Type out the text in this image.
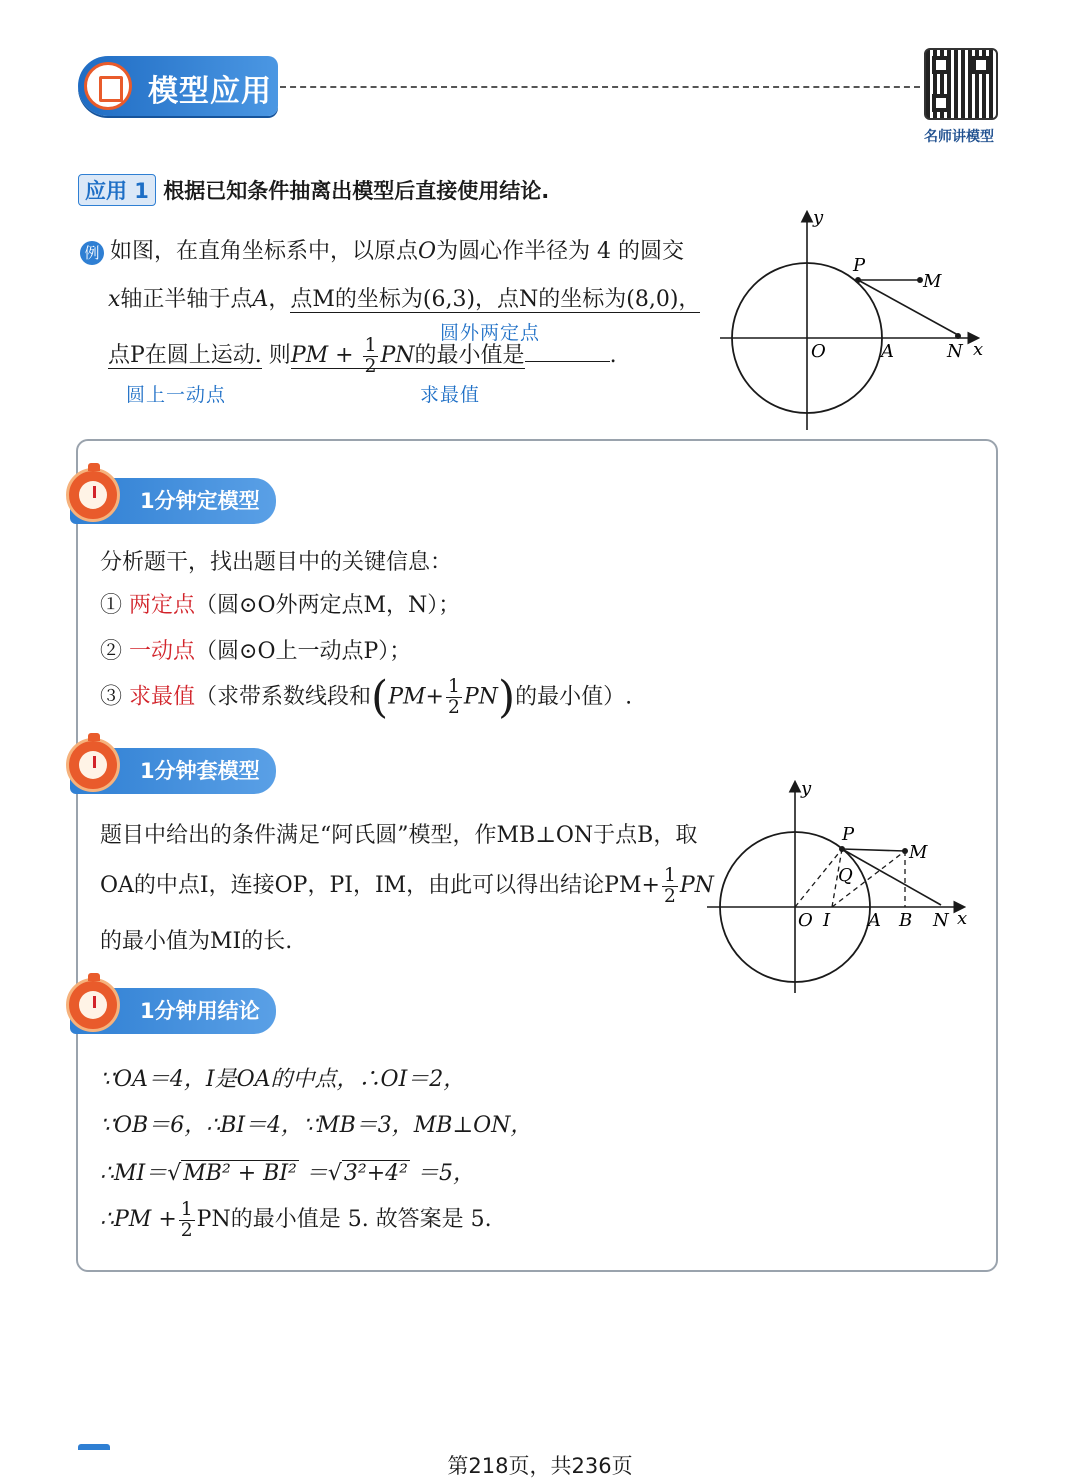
模型应用
名师讲模型
应用 1 根据已知条件抽离出模型后直接使用结论.
例 如图，在直角坐标系中，以原点O为圆心作半径为 4 的圆交
x轴正半轴于点A，点M的坐标为(6,3)，点N的坐标为(8,0)，
圆外两定点
点P在圆上运动. 则PM + $\frac{1}{2}$ PN的最小值是	.
圆上一动点	求最值
y
x
O	A	N
P
M
1分钟定模型
分析题干，找出题目中的关键信息：
① 两定点（圆⊙O外两定点M，N）；
② 一动点（圆⊙O上一动点P）；
③ 求最值（求带系数线段和$(PM+ \frac{1}{2} PN)$的最小值）.
1分钟套模型
题目中给出的条件满足“阿氏圆”模型，作MB⊥ON于点B，取
OA的中点I，连接OP，PI，IM，由此可以得出结论$PM+ \frac{1}{2}$ PN
的最小值为MI的长.
y
x
O I A B N
P
M
Q
1分钟用结论
∵OA＝4，I是OA的中点，∴OI＝2，
∵OB＝6，∴BI＝4，∵MB＝3，MB⊥ON，
∴MI＝√MB² + BI² ＝√3²+4² ＝5，
∴PM + $\frac{1}{2}$ PN的最小值是 5. 故答案是 5.
第218页，共236页
